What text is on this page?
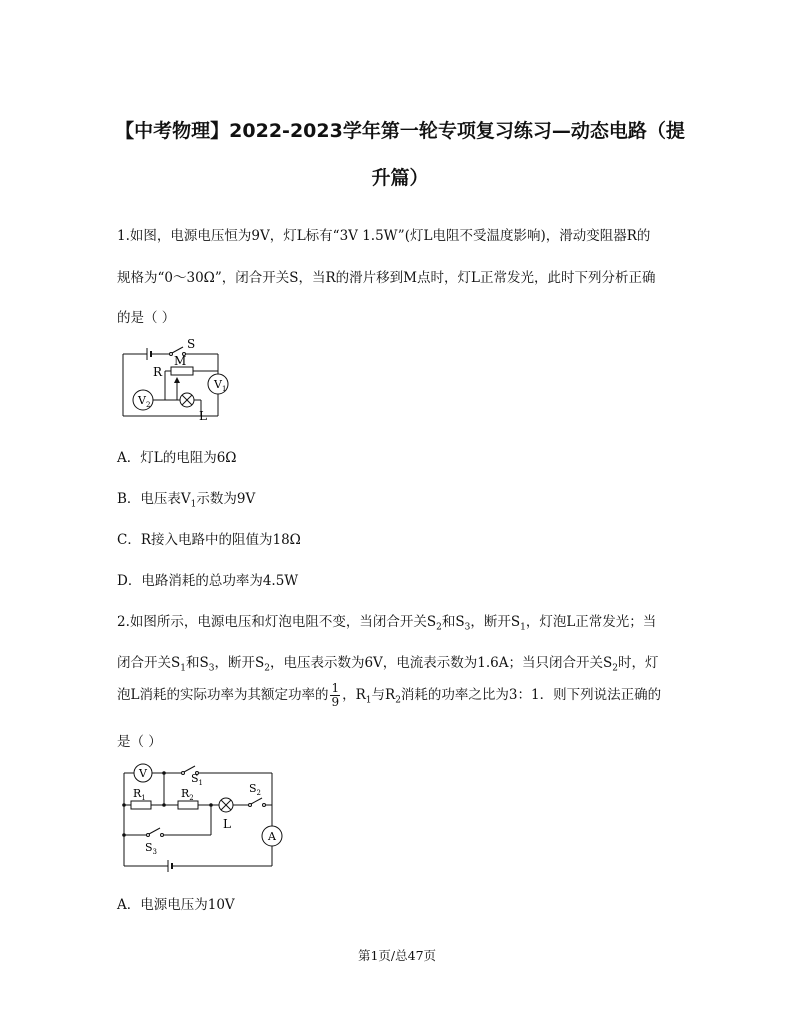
【中考物理】2022-2023学年第一轮专项复习练习—动态电路（提
升篇）
1.如图，电源电压恒为9V，灯L标有“3V 1.5W”(灯L电阻不受温度影响)，滑动变阻器R的
规格为“0～30Ω”，闭合开关S，当R的滑片移到M点时，灯L正常发光，此时下列分析正确
的是（ ）
$V_1$
$V_2$
S
M
R
L
A．灯L的电阻为6Ω
B．电压表$V_1$示数为9V
C．R接入电路中的阻值为18Ω
D．电路消耗的总功率为4.5W
2.如图所示，电源电压和灯泡电阻不变，当闭合开关$S_2$和$S_3$，断开$S_1$，灯泡L正常发光；当
闭合开关$S_1$和$S_3$，断开$S_2$，电压表示数为6V，电流表示数为1.6A；当只闭合开关$S_2$时，灯
泡L消耗的实际功率为其额定功率的 $\frac{1}{9}$ ，$R_1$与$R_2$消耗的功率之比为3：1．则下列说法正确的
是（ ）
V
A
L
$S_1$	$S_2$
$S_3$
$R_1$	$R_2$
A．电源电压为10V
第1页/总47页
